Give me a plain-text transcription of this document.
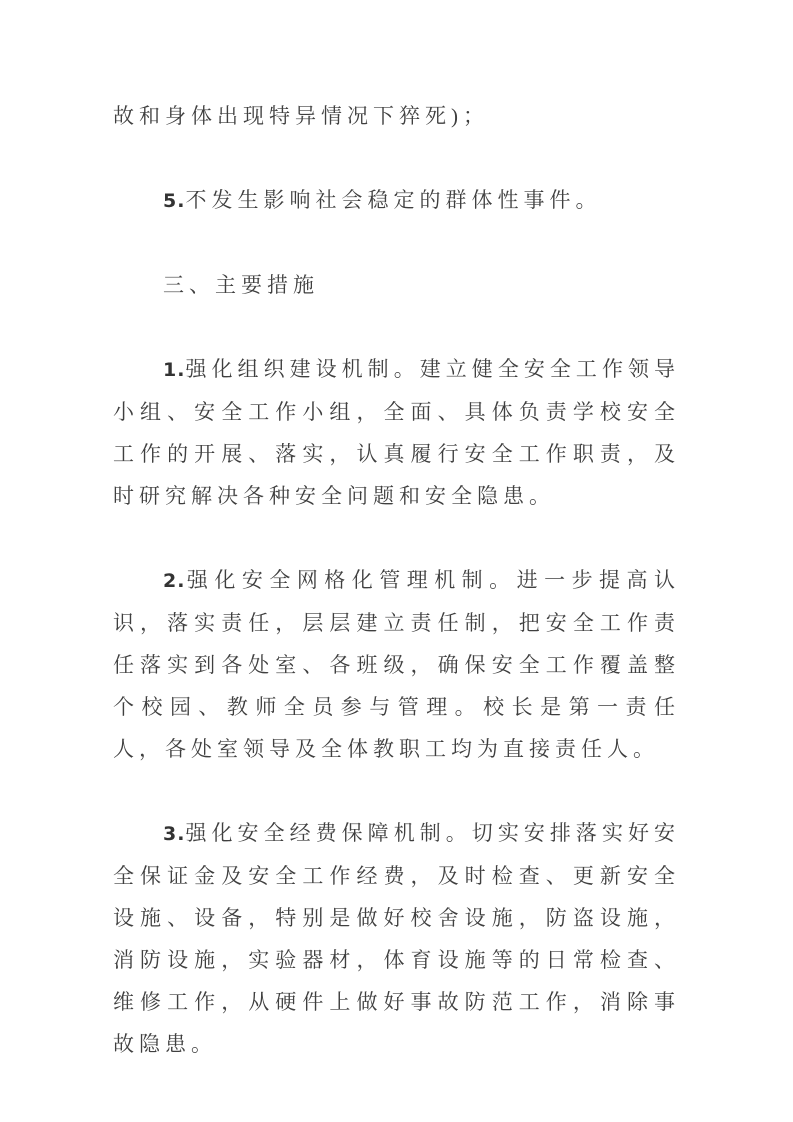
故和身体出现特异情况下猝死)；

5.不发生影响社会稳定的群体性事件。

三、主要措施

1.强化组织建设机制。建立健全安全工作领导小组、安全工作小组，全面、具体负责学校安全工作的开展、落实，认真履行安全工作职责，及时研究解决各种安全问题和安全隐患。

2.强化安全网格化管理机制。进一步提高认识，落实责任，层层建立责任制，把安全工作责任落实到各处室、各班级，确保安全工作覆盖整个校园、教师全员参与管理。校长是第一责任人，各处室领导及全体教职工均为直接责任人。

3.强化安全经费保障机制。切实安排落实好安全保证金及安全工作经费，及时检查、更新安全设施、设备，特别是做好校舍设施，防盗设施，消防设施，实验器材，体育设施等的日常检查、维修工作，从硬件上做好事故防范工作，消除事故隐患。
